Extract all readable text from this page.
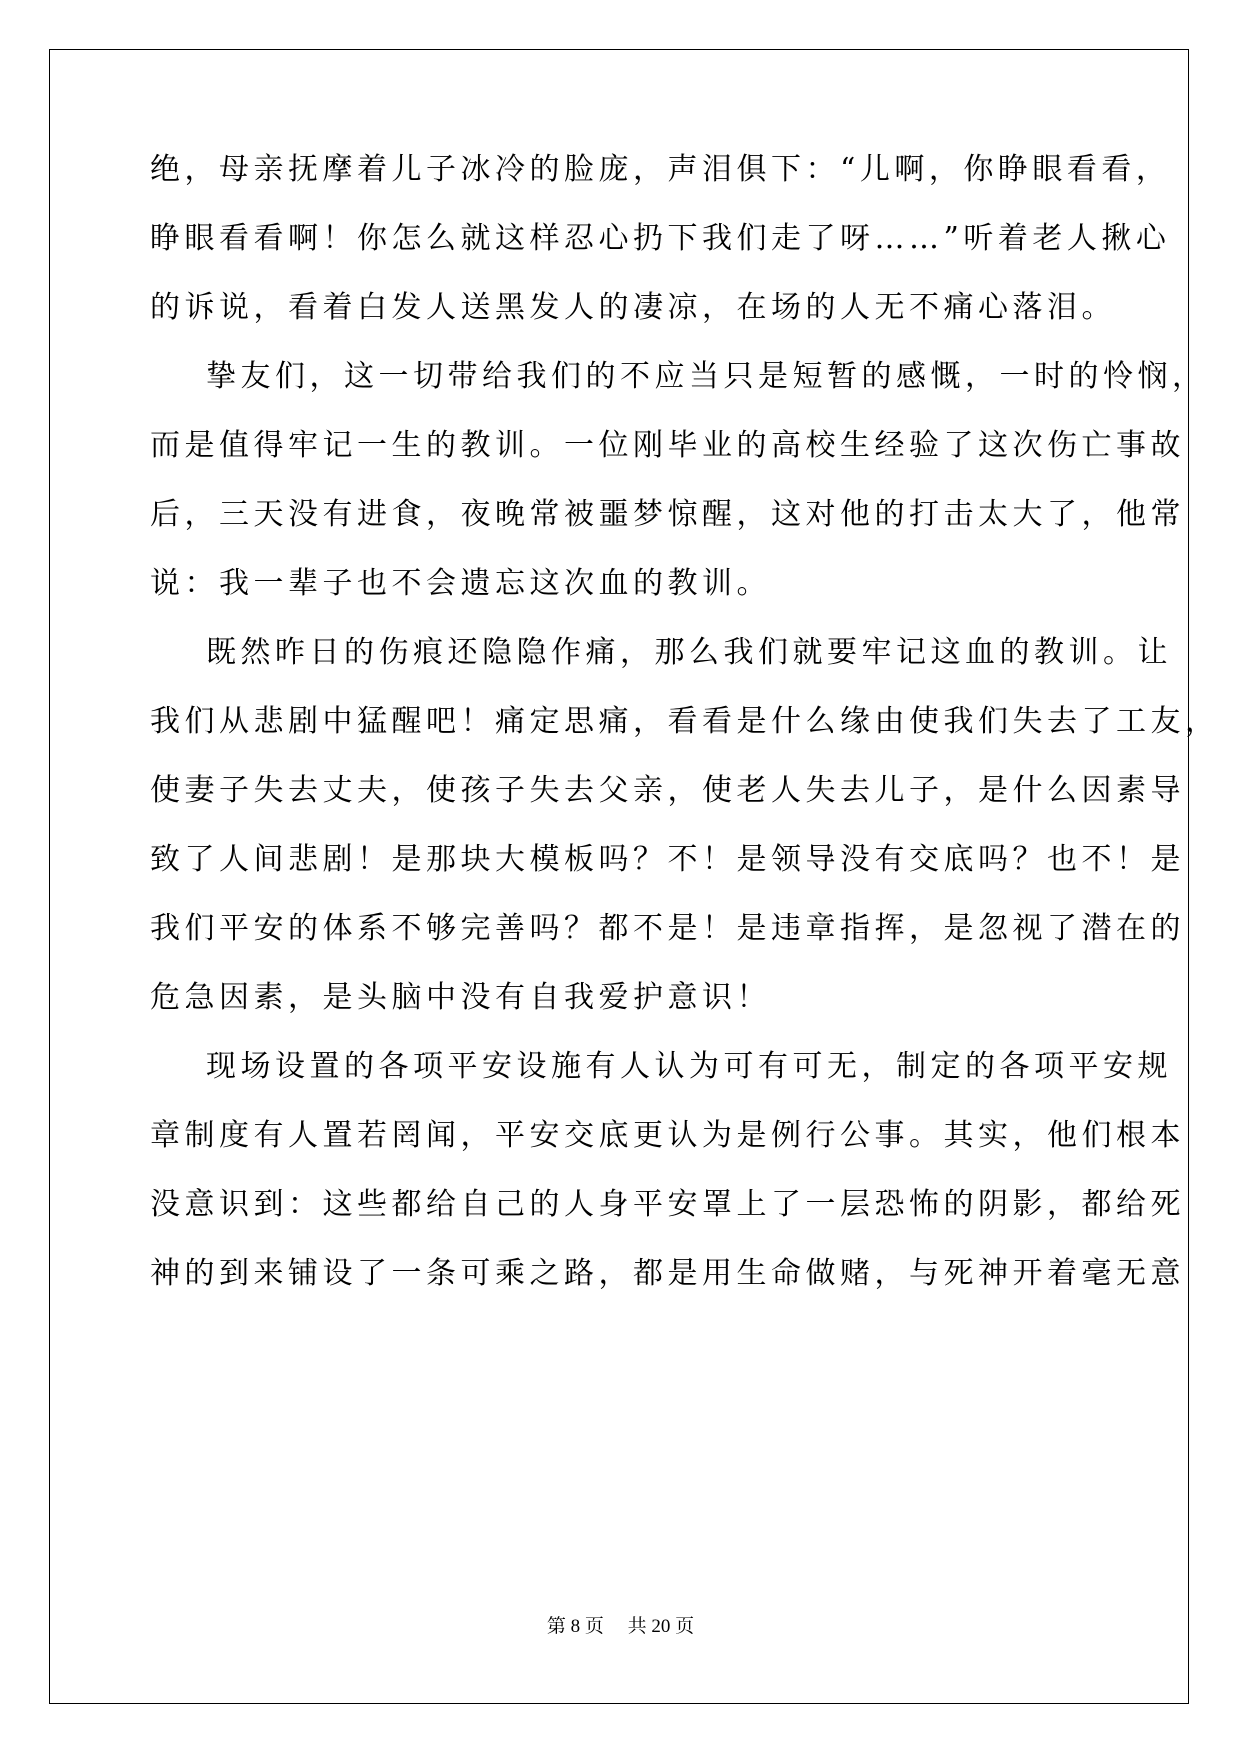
绝，母亲抚摩着儿子冰冷的脸庞，声泪俱下：“儿啊，你睁眼看看，
睁眼看看啊！你怎么就这样忍心扔下我们走了呀……”听着老人揪心
的诉说，看着白发人送黑发人的凄凉，在场的人无不痛心落泪。
挚友们，这一切带给我们的不应当只是短暂的感慨，一时的怜悯，
而是值得牢记一生的教训。一位刚毕业的高校生经验了这次伤亡事故
后，三天没有进食，夜晚常被噩梦惊醒，这对他的打击太大了，他常
说：我一辈子也不会遗忘这次血的教训。
既然昨日的伤痕还隐隐作痛，那么我们就要牢记这血的教训。让
我们从悲剧中猛醒吧！痛定思痛，看看是什么缘由使我们失去了工友，
使妻子失去丈夫，使孩子失去父亲，使老人失去儿子，是什么因素导
致了人间悲剧！是那块大模板吗？不！是领导没有交底吗？也不！是
我们平安的体系不够完善吗？都不是！是违章指挥，是忽视了潜在的
危急因素，是头脑中没有自我爱护意识！
现场设置的各项平安设施有人认为可有可无，制定的各项平安规
章制度有人置若罔闻，平安交底更认为是例行公事。其实，他们根本
没意识到：这些都给自己的人身平安罩上了一层恐怖的阴影，都给死
神的到来铺设了一条可乘之路，都是用生命做赌，与死神开着毫无意
第 8 页　 共 20 页
